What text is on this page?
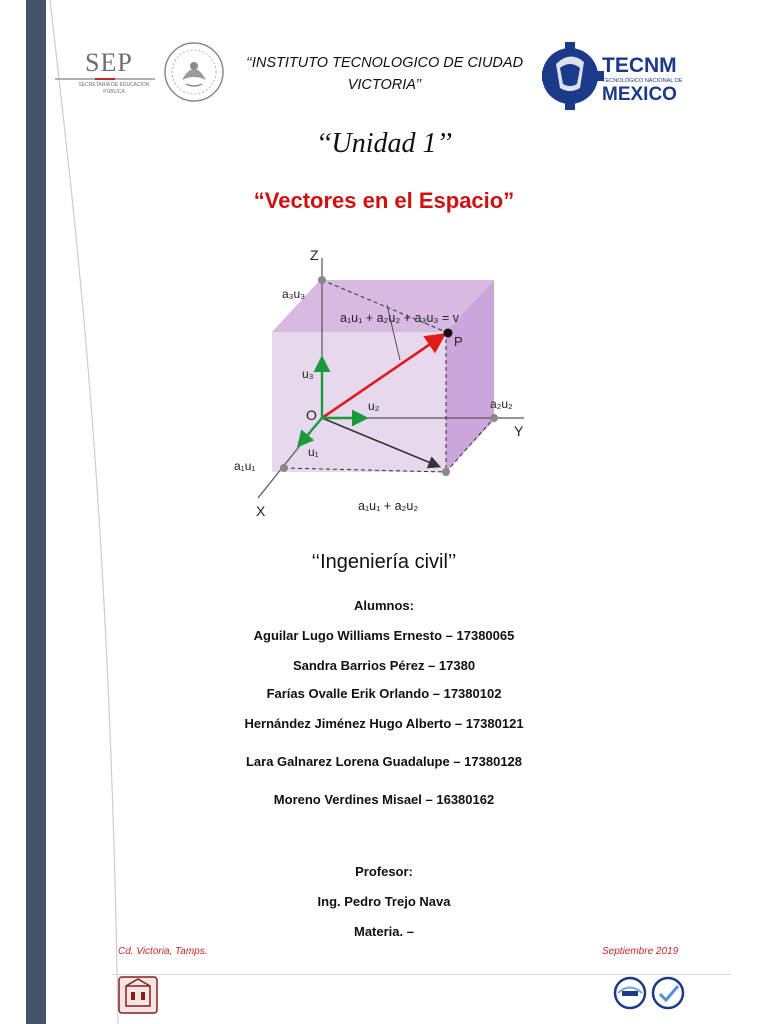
SEP
SECRETARÍA DE EDUCACIÓN PÚBLICA
‘‘INSTITUTO TECNOLOGICO DE CIUDAD VICTORIA’’
TECNM
TECNOLÓGICO NACIONAL DE
MEXICO
‘‘Unidad 1’’
“Vectores en el Espacio”
Z
Y
X
O
P
a₃u₃
a₂u₂
a₁u₁
u₃
u₂
u₁
a₁u₁ + a₂u₂ + a₃u₃ = v
a₁u₁ + a₂u₂
‘‘Ingeniería civil’’
Alumnos:
Aguilar Lugo Williams Ernesto – 17380065
Sandra Barrios Pérez – 17380
Farías Ovalle Erik Orlando – 17380102
Hernández Jiménez Hugo Alberto – 17380121
Lara Galnarez Lorena Guadalupe – 17380128
Moreno Verdines Misael – 16380162
Profesor:
Ing. Pedro Trejo Nava
Materia. –
Cd. Victoria, Tamps.	Septiembre 2019
